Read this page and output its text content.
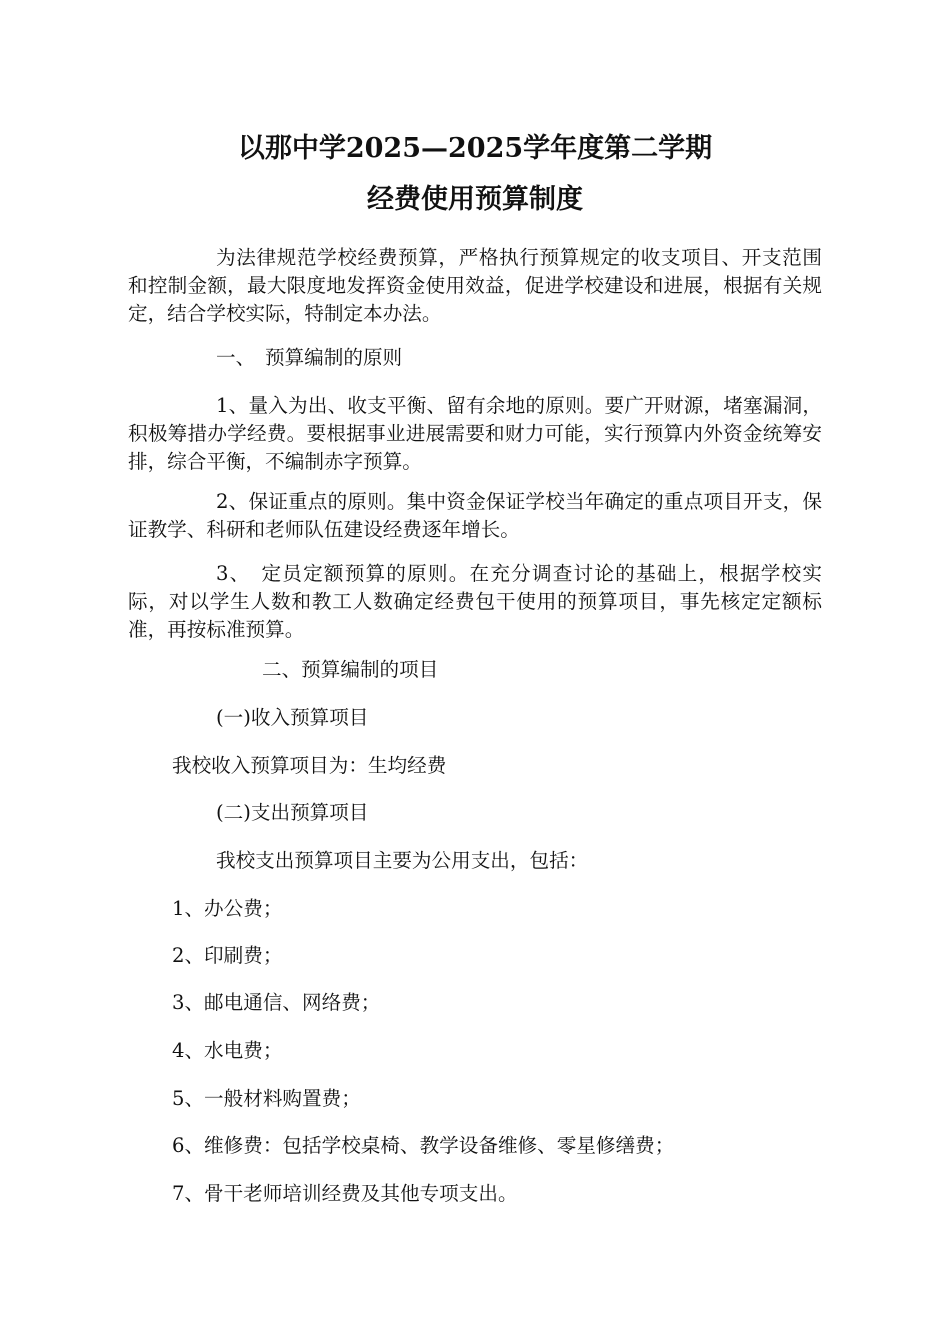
以那中学2025—2025学年度第二学期
经费使用预算制度

为法律规范学校经费预算，严格执行预算规定的收支项目、开支范围和控制金额，最大限度地发挥资金使用效益，促进学校建设和进展，根据有关规定，结合学校实际，特制定本办法。

一、　预算编制的原则

1、量入为出、收支平衡、留有余地的原则。要广开财源，堵塞漏洞，积极筹措办学经费。要根据事业进展需要和财力可能，实行预算内外资金统筹安排，综合平衡，不编制赤字预算。

2、保证重点的原则。集中资金保证学校当年确定的重点项目开支，保证教学、科研和老师队伍建设经费逐年增长。

3、　定员定额预算的原则。在充分调查讨论的基础上，根据学校实际，对以学生人数和教工人数确定经费包干使用的预算项目，事先核定定额标准，再按标准预算。

二、预算编制的项目

(一)收入预算项目

我校收入预算项目为：生均经费

(二)支出预算项目

我校支出预算项目主要为公用支出，包括：

1、办公费；

2、印刷费；

3、邮电通信、网络费；

4、水电费；

5、一般材料购置费；

6、维修费：包括学校桌椅、教学设备维修、零星修缮费；

7、骨干老师培训经费及其他专项支出。
